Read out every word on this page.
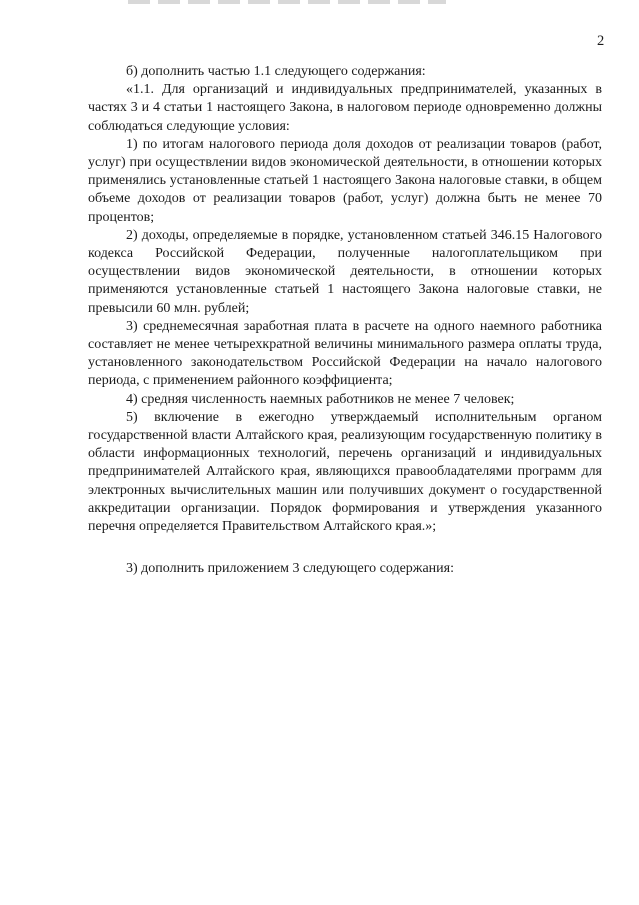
2

б) дополнить частью 1.1 следующего содержания:

«1.1. Для организаций и индивидуальных предпринимателей, указанных в частях 3 и 4 статьи 1 настоящего Закона, в налоговом периоде одновременно должны соблюдаться следующие условия:

1) по итогам налогового периода доля доходов от реализации товаров (работ, услуг) при осуществлении видов экономической деятельности, в отношении которых применялись установленные статьей 1 настоящего Закона налоговые ставки, в общем объеме доходов от реализации товаров (работ, услуг) должна быть не менее 70 процентов;

2) доходы, определяемые в порядке, установленном статьей 346.15 Налогового кодекса Российской Федерации, полученные налогоплательщиком при осуществлении видов экономической деятельности, в отношении которых применяются установленные статьей 1 настоящего Закона налоговые ставки, не превысили 60 млн. рублей;

3) среднемесячная заработная плата в расчете на одного наемного работника составляет не менее четырехкратной величины минимального размера оплаты труда, установленного законодательством Российской Федерации на начало налогового периода, с применением районного коэффициента;

4) средняя численность наемных работников не менее 7 человек;

5) включение в ежегодно утверждаемый исполнительным органом государственной власти Алтайского края, реализующим государственную политику в области информационных технологий, перечень организаций и индивидуальных предпринимателей Алтайского края, являющихся правообладателями программ для электронных вычислительных машин или получивших документ о государственной аккредитации организации. Порядок формирования и утверждения указанного перечня определяется Правительством Алтайского края.»;

3) дополнить приложением 3 следующего содержания:
